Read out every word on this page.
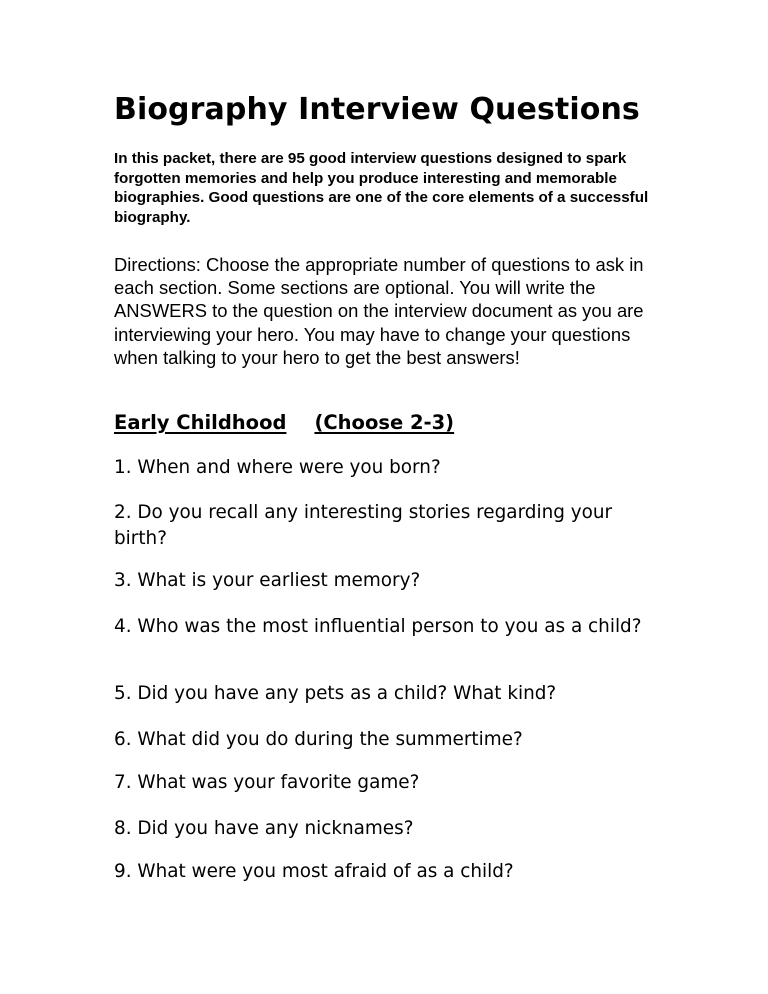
Biography Interview Questions

In this packet, there are 95 good interview questions designed to spark forgotten memories and help you produce interesting and memorable biographies. Good questions are one of the core elements of a successful biography.

Directions: Choose the appropriate number of questions to ask in each section. Some sections are optional. You will write the ANSWERS to the question on the interview document as you are interviewing your hero. You may have to change your questions when talking to your hero to get the best answers!

Early Childhood (Choose 2-3)

1. When and where were you born?

2. Do you recall any interesting stories regarding your birth?

3. What is your earliest memory?

4. Who was the most influential person to you as a child?

5. Did you have any pets as a child? What kind?

6. What did you do during the summertime?

7. What was your favorite game?

8. Did you have any nicknames?

9. What were you most afraid of as a child?
